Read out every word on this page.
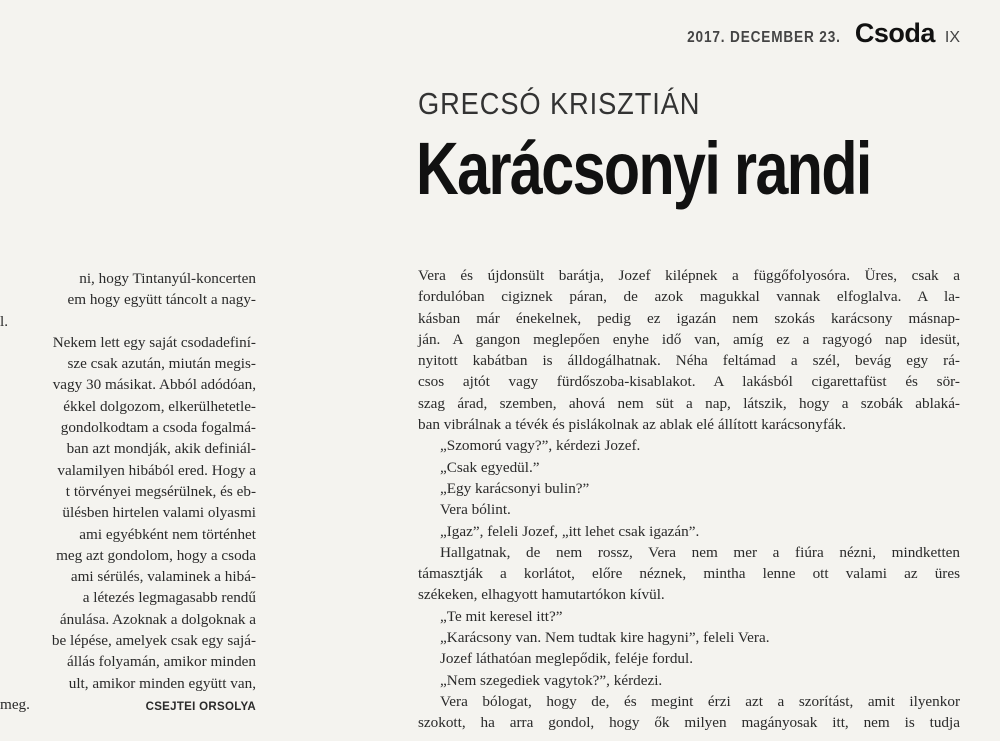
2017. DECEMBER 23. Csoda IX
GRECSÓ KRISZTIÁN
Karácsonyi randi
Vera és újdonsült barátja, Jozef kilépnek a függőfolyosóra. Üres, csak a
fordulóban cigiznek páran, de azok magukkal vannak elfoglalva. A la-
kásban már énekelnek, pedig ez igazán nem szokás karácsony másnap-
ján. A gangon meglepően enyhe idő van, amíg ez a ragyogó nap idesüt,
nyitott kabátban is álldogálhatnak. Néha feltámad a szél, bevág egy rá-
csos ajtót vagy fürdőszoba-kisablakot. A lakásból cigarettafüst és sör-
szag árad, szemben, ahová nem süt a nap, látszik, hogy a szobák ablaká-
ban vibrálnak a tévék és pislákolnak az ablak elé állított karácsonyfák.
„Szomorú vagy?”, kérdezi Jozef.
„Csak egyedül.”
„Egy karácsonyi bulin?”
Vera bólint.
„Igaz”, feleli Jozef, „itt lehet csak igazán”.
Hallgatnak, de nem rossz, Vera nem mer a fiúra nézni, mindketten
támasztják a korlátot, előre néznek, mintha lenne ott valami az üres
székeken, elhagyott hamutartókon kívül.
„Te mit keresel itt?”
„Karácsony van. Nem tudtak kire hagyni”, feleli Vera.
Jozef láthatóan meglepődik, feléje fordul.
„Nem szegediek vagytok?”, kérdezi.
Vera bólogat, hogy de, és megint érzi azt a szorítást, amit ilyenkor
szokott, ha arra gondol, hogy ők milyen magányosak itt, nem is tudja
ni, hogy Tintanyúl-koncerten
em hogy együtt táncolt a nagy-
l.
Nekem lett egy saját csodadefiní-
sze csak azután, miután megis-
vagy 30 másikat. Abból adódóan,
ékkel dolgozom, elkerülhetetle-
gondolkodtam a csoda fogalmá-
ban azt mondják, akik definiál-
valamilyen hibából ered. Hogy a
t törvényei megsérülnek, és eb-
ülésben hirtelen valami olyasmi
ami egyébként nem történhet
meg azt gondolom, hogy a csoda
ami sérülés, valaminek a hibá-
a létezés legmagasabb rendű
ánulása. Azoknak a dolgoknak a
be lépése, amelyek csak egy sajá-
állás folyamán, amikor minden
ult, amikor minden együtt van,
meg.	CSEJTEI ORSOLYA
